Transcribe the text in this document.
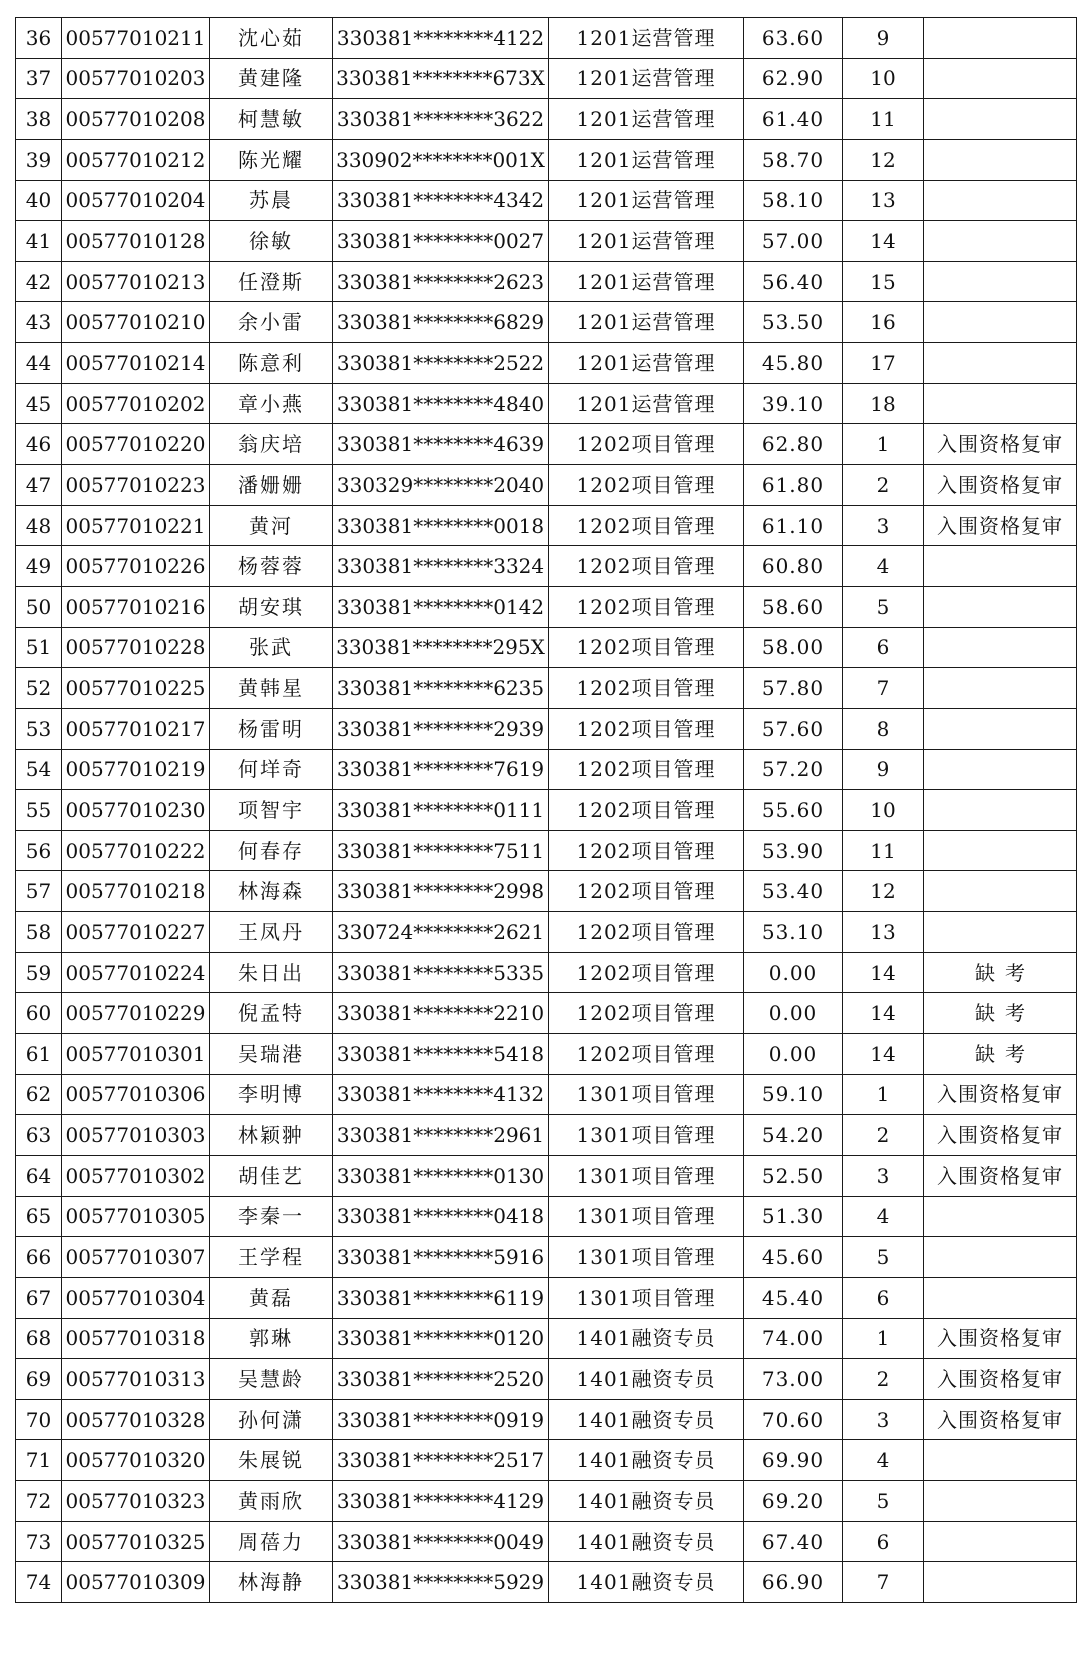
36	00577010211	沈心茹	330381********4122	1201运营管理	63.60	9	
37	00577010203	黄建隆	330381********673X	1201运营管理	62.90	10	
38	00577010208	柯慧敏	330381********3622	1201运营管理	61.40	11	
39	00577010212	陈光耀	330902********001X	1201运营管理	58.70	12	
40	00577010204	苏晨	330381********4342	1201运营管理	58.10	13	
41	00577010128	徐敏	330381********0027	1201运营管理	57.00	14	
42	00577010213	任澄斯	330381********2623	1201运营管理	56.40	15	
43	00577010210	余小雷	330381********6829	1201运营管理	53.50	16	
44	00577010214	陈意利	330381********2522	1201运营管理	45.80	17	
45	00577010202	章小燕	330381********4840	1201运营管理	39.10	18	
46	00577010220	翁庆培	330381********4639	1202项目管理	62.80	1	入围资格复审
47	00577010223	潘姗姗	330329********2040	1202项目管理	61.80	2	入围资格复审
48	00577010221	黄河	330381********0018	1202项目管理	61.10	3	入围资格复审
49	00577010226	杨蓉蓉	330381********3324	1202项目管理	60.80	4	
50	00577010216	胡安琪	330381********0142	1202项目管理	58.60	5	
51	00577010228	张武	330381********295X	1202项目管理	58.00	6	
52	00577010225	黄韩星	330381********6235	1202项目管理	57.80	7	
53	00577010217	杨雷明	330381********2939	1202项目管理	57.60	8	
54	00577010219	何垟奇	330381********7619	1202项目管理	57.20	9	
55	00577010230	项智宇	330381********0111	1202项目管理	55.60	10	
56	00577010222	何春存	330381********7511	1202项目管理	53.90	11	
57	00577010218	林海森	330381********2998	1202项目管理	53.40	12	
58	00577010227	王凤丹	330724********2621	1202项目管理	53.10	13	
59	00577010224	朱日出	330381********5335	1202项目管理	0.00	14	缺考
60	00577010229	倪孟特	330381********2210	1202项目管理	0.00	14	缺考
61	00577010301	吴瑞港	330381********5418	1202项目管理	0.00	14	缺考
62	00577010306	李明博	330381********4132	1301项目管理	59.10	1	入围资格复审
63	00577010303	林颖翀	330381********2961	1301项目管理	54.20	2	入围资格复审
64	00577010302	胡佳艺	330381********0130	1301项目管理	52.50	3	入围资格复审
65	00577010305	李秦一	330381********0418	1301项目管理	51.30	4	
66	00577010307	王学程	330381********5916	1301项目管理	45.60	5	
67	00577010304	黄磊	330381********6119	1301项目管理	45.40	6	
68	00577010318	郭琳	330381********0120	1401融资专员	74.00	1	入围资格复审
69	00577010313	吴慧龄	330381********2520	1401融资专员	73.00	2	入围资格复审
70	00577010328	孙何潇	330381********0919	1401融资专员	70.60	3	入围资格复审
71	00577010320	朱展锐	330381********2517	1401融资专员	69.90	4	
72	00577010323	黄雨欣	330381********4129	1401融资专员	69.20	5	
73	00577010325	周蓓力	330381********0049	1401融资专员	67.40	6	
74	00577010309	林海静	330381********5929	1401融资专员	66.90	7	
